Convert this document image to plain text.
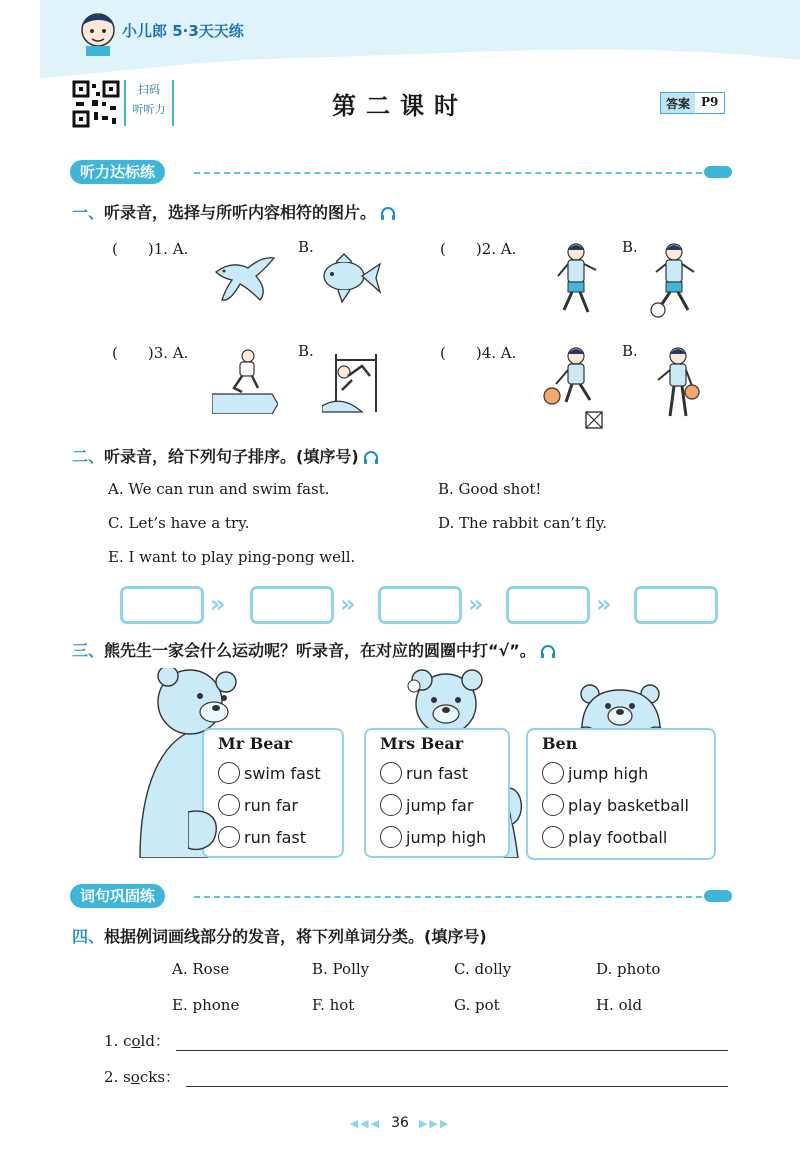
小儿郎 5·3天天练
扫码
听听力	第二课时	答案 P9
听力达标练
一、听录音，选择与所听内容相符的图片。
(　　)1. A.	B.	(　　)2. A.	B.
(　　)3. A.	B.	(　　)4. A.	B.
二、听录音，给下列句子排序。(填序号)
A. We can run and swim fast.	B. Good shot!
C. Let’s have a try.	D. The rabbit can’t fly.
E. I want to play ping-pong well.
»	»	»	»
三、熊先生一家会什么运动呢？听录音，在对应的圆圈中打“√”。
Mr Bear
swim fast
run far
run fast
Mrs Bear
run fast
jump far
jump high
Ben
jump high
play basketball
play football
词句巩固练
四、根据例词画线部分的发音，将下列单词分类。(填序号)
A. Rose	B. Polly	C. dolly	D. photo
E. phone	F. hot	G. pot	H. old
1. cold：
2. socks：
◀◀◀ 36 ▶▶▶
